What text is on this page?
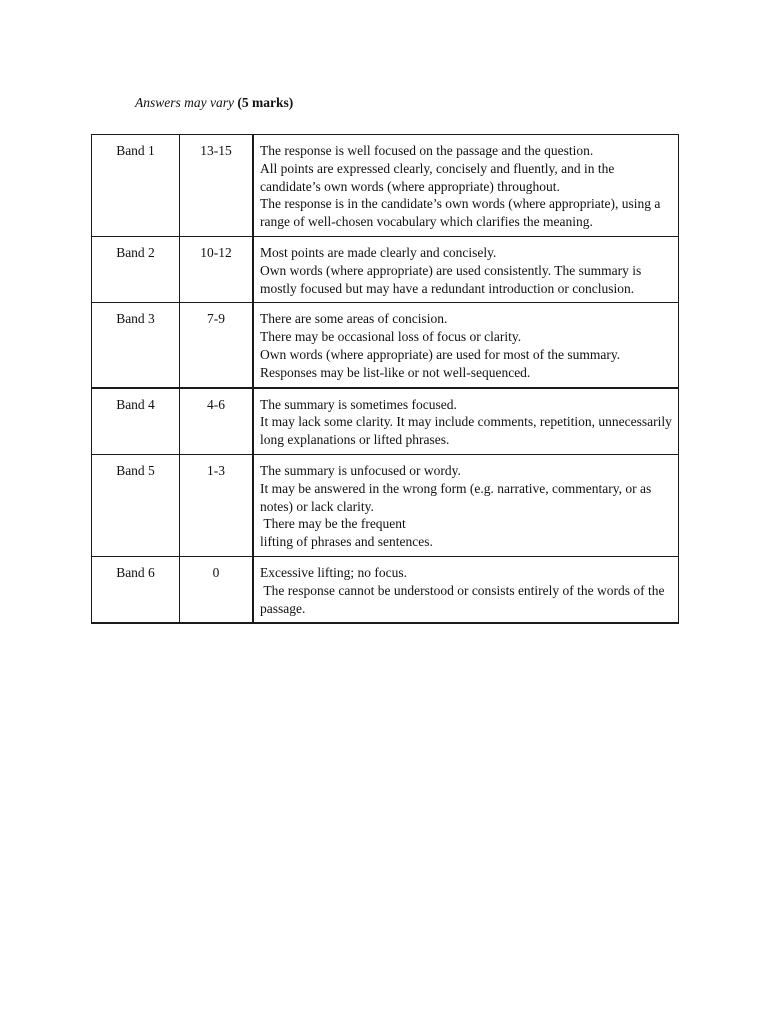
Answers may vary (5 marks)
Band 1	13-15	The response is well focused on the passage and the question.
All points are expressed clearly, concisely and fluently, and in the candidate’s own words (where appropriate) throughout.
The response is in the candidate’s own words (where appropriate), using a range of well-chosen vocabulary which clarifies the meaning.

Band 2	10-12	Most points are made clearly and concisely.
Own words (where appropriate) are used consistently. The summary is mostly focused but may have a redundant introduction or conclusion.

Band 3	7-9	There are some areas of concision.
There may be occasional loss of focus or clarity.
Own words (where appropriate) are used for most of the summary.
Responses may be list-like or not well-sequenced.

Band 4	4-6	The summary is sometimes focused.
It may lack some clarity. It may include comments, repetition, unnecessarily long explanations or lifted phrases.

Band 5	1-3	The summary is unfocused or wordy.
It may be answered in the wrong form (e.g. narrative, commentary, or as notes) or lack clarity.
There may be the frequent
lifting of phrases and sentences.

Band 6	0	Excessive lifting; no focus.
The response cannot be understood or consists entirely of the words of the passage.
